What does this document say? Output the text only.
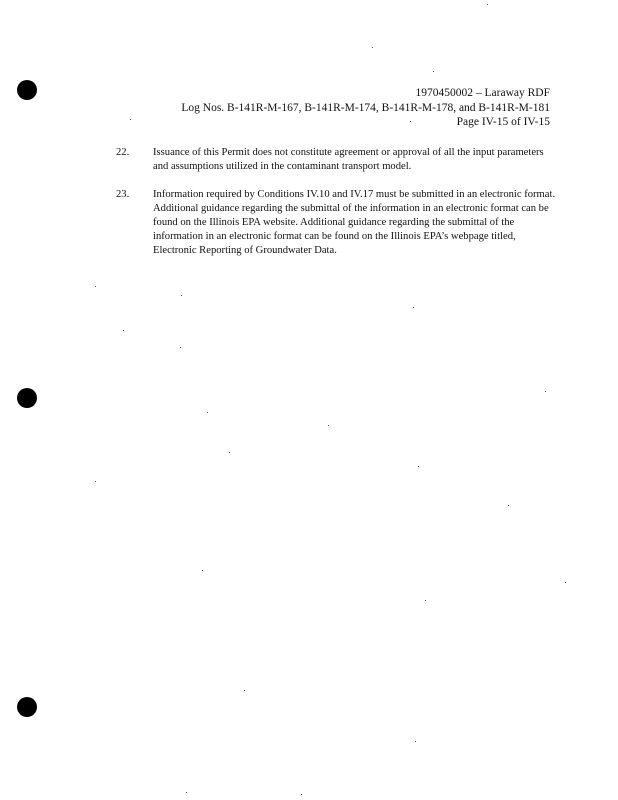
1970450002 – Laraway RDF
Log Nos. B-141R-M-167, B-141R-M-174, B-141R-M-178, and B-141R-M-181
Page IV-15 of IV-15
22.	Issuance of this Permit does not constitute agreement or approval of all the input parameters and assumptions utilized in the contaminant transport model.
23.	Information required by Conditions IV.10 and IV.17 must be submitted in an electronic format. Additional guidance regarding the submittal of the information in an electronic format can be found on the Illinois EPA website. Additional guidance regarding the submittal of the information in an electronic format can be found on the Illinois EPA’s webpage titled, Electronic Reporting of Groundwater Data.
